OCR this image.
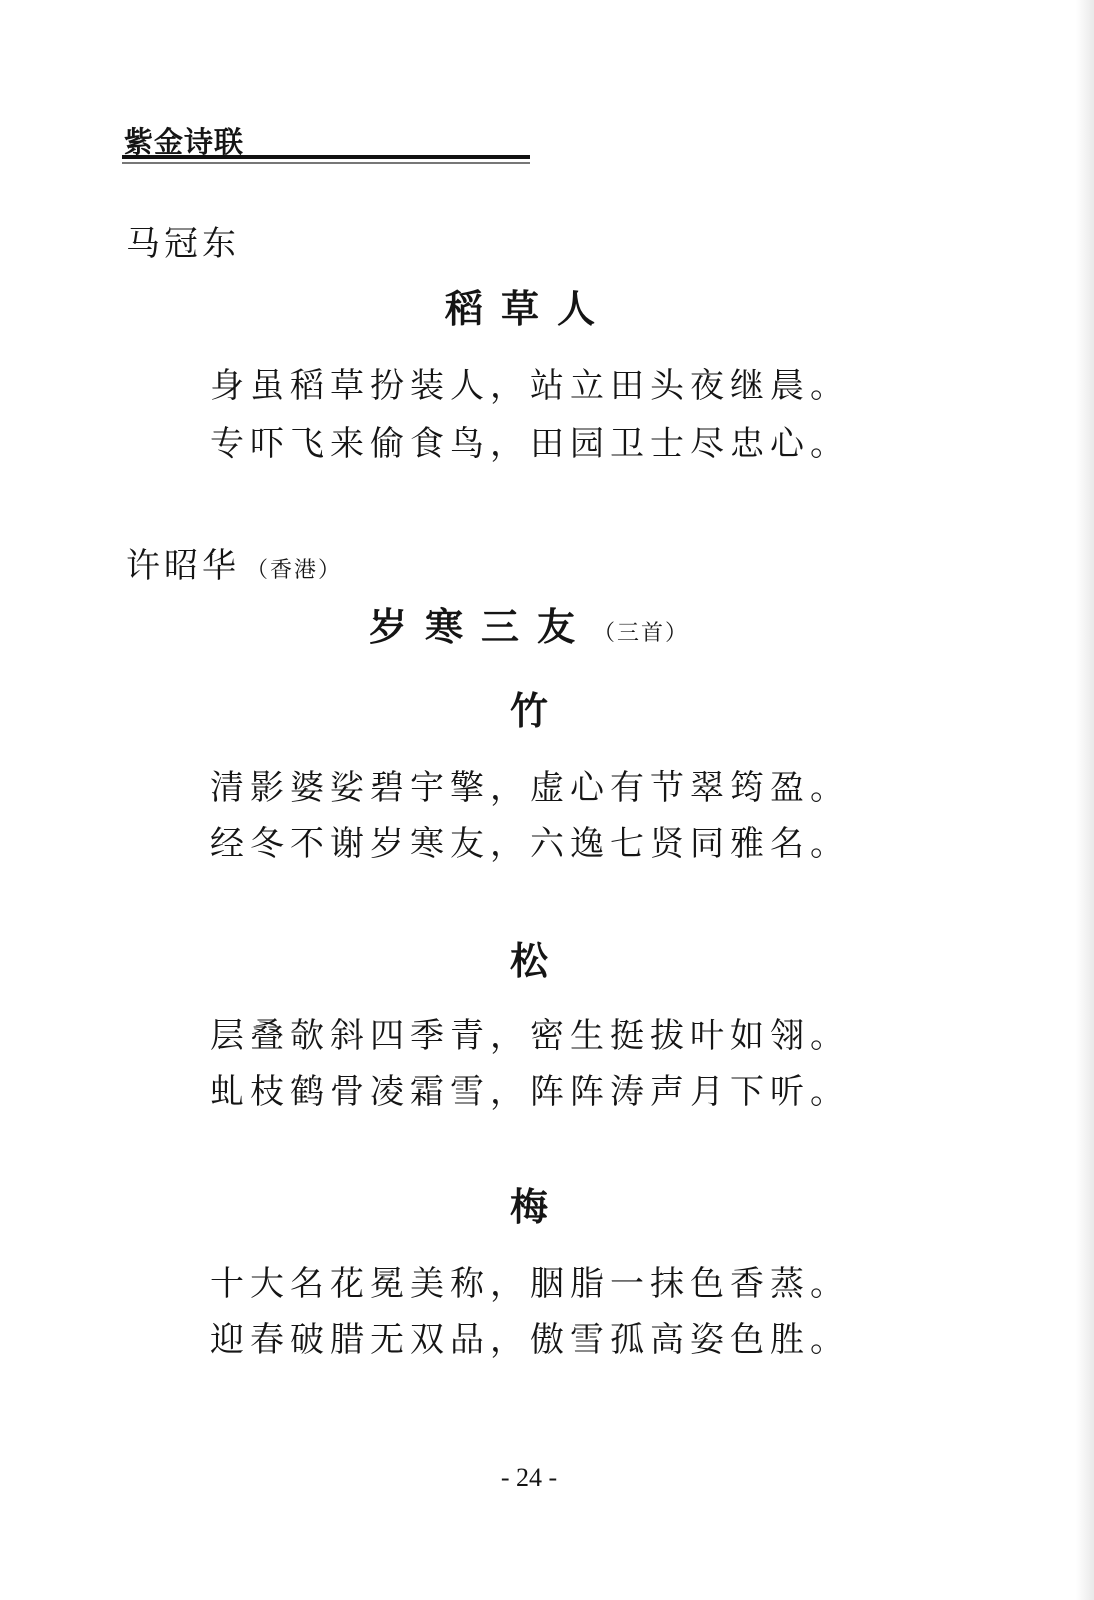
紫金诗联
马冠东
稻草人
身虽稻草扮装人，站立田头夜继晨。
专吓飞来偷食鸟，田园卫士尽忠心。
许昭华 （香港）
岁寒三友（三首）
竹
清影婆娑碧宇擎，虚心有节翠筠盈。
经冬不谢岁寒友，六逸七贤同雅名。
松
层叠欹斜四季青，密生挺拔叶如翎。
虬枝鹤骨凌霜雪，阵阵涛声月下听。
梅
十大名花冕美称，胭脂一抹色香蒸。
迎春破腊无双品，傲雪孤高姿色胜。
- 24 -
